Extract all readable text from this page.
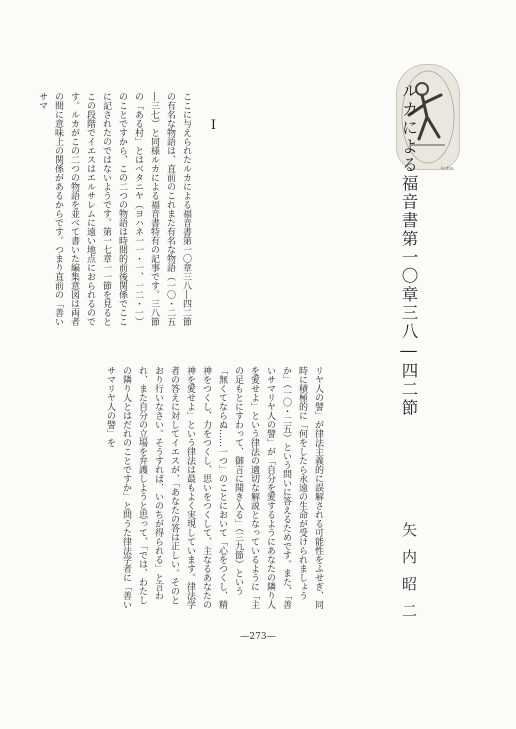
kuba.
ルカによる福音書第一〇章三八―四二節
矢内昭二
I
ここに与えられたルカによる福音書第一〇章三八―四二節の有名な物語は、直前のこれまた有名な物語（一〇・二五―三七）と同様ルカによる福音書特有の記事です。三八節の「ある村」とはベタニヤ（ヨハネ一一・一、一二・一）のことですから、この二つの物語は時間的前後関係でここに記されたのではないようです。第一七章一一節を見るとこの段階でイエスはエルサレムに遠い地点におられるのです。ルカがこの二つの物語を並べて書いた編集意図は両者の間に意味上の関係があるからです。つまり直前の「善いサマ
リヤ人の譬」が律法主義的に誤解される可能性をふせぎ、同時に積極的に「何をしたら永遠の生命が受けられましょうか」（一〇・二五）という問いに答えるためです。また、「善いサマリヤ人の譬」が「自分を愛するようにあなたの隣り人を愛せよ」という律法の適切な解説となっているように「主の足もとにすわって、御言に聞き入る」（三九節）という「無くてならぬ……一つ」のことにおいて「心をつくし、精神をつくし、力をつくし、思いをつくして、主なるあなたの神を愛せよ」という律法は最もよく実現しています。律法学者の答えに対してイエスが、「あなたの答は正しい。そのとおり行いなさい。そうすれば、いのちが得られる」と言われ、また自分の立場を弁護しようと思って、「では、わたしの隣り人とはだれのことですか」と問うた律法学者に「善いサマリヤ人の譬」を
―273―
